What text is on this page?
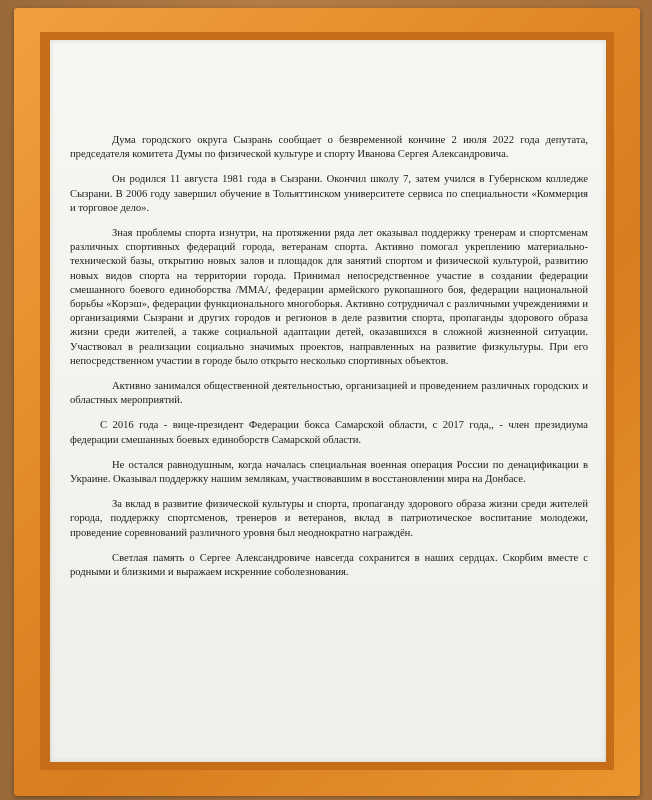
Дума городского округа Сызрань сообщает о безвременной кончине 2 июля 2022 года депутата, председателя комитета Думы по физической культуре и спорту Иванова Сергея Александровича.

Он родился 11 августа 1981 года в Сызрани. Окончил школу 7, затем учился в Губернском колледже Сызрани. В 2006 году завершил обучение в Тольяттинском университете сервиса по специальности «Коммерция и торговое дело».

Зная проблемы спорта изнутри, на протяжении ряда лет оказывал поддержку тренерам и спортсменам различных спортивных федераций города, ветеранам спорта. Активно помогал укреплению материально-технической базы, открытию новых залов и площадок для занятий спортом и физической культурой, развитию новых видов спорта на территории города. Принимал непосредственное участие в создании федерации смешанного боевого единоборства /ММА/, федерации армейского рукопашного боя, федерации национальной борьбы «Корэш», федерации функционального многоборья. Активно сотрудничал с различными учреждениями и организациями Сызрани и других городов и регионов в деле развития спорта, пропаганды здорового образа жизни среди жителей, а также социальной адаптации детей, оказавшихся в сложной жизненной ситуации. Участвовал в реализации социально значимых проектов, направленных на развитие физкультуры. При его непосредственном участии в городе было открыто несколько спортивных объектов.

Активно занимался общественной деятельностью, организацией и проведением различных городских и областных мероприятий.

С 2016 года - вице-президент Федерации бокса Самарской области, с 2017 года,, - член президиума федерации смешанных боевых единоборств Самарской области.

Не остался равнодушным, когда началась специальная военная операция России по денацификации в Украине. Оказывал поддержку нашим землякам, участвовавшим в восстановлении мира на Донбасе.

За вклад в развитие физической культуры и спорта, пропаганду здорового образа жизни среди жителей города, поддержку спортсменов, тренеров и ветеранов, вклад в патриотическое воспитание молодежи, проведение соревнований различного уровня был неоднократно награждён.

Светлая память о Сергее Александровиче навсегда сохранится в наших сердцах. Скорбим вместе с родными и близкими и выражаем искренние соболезнования.
